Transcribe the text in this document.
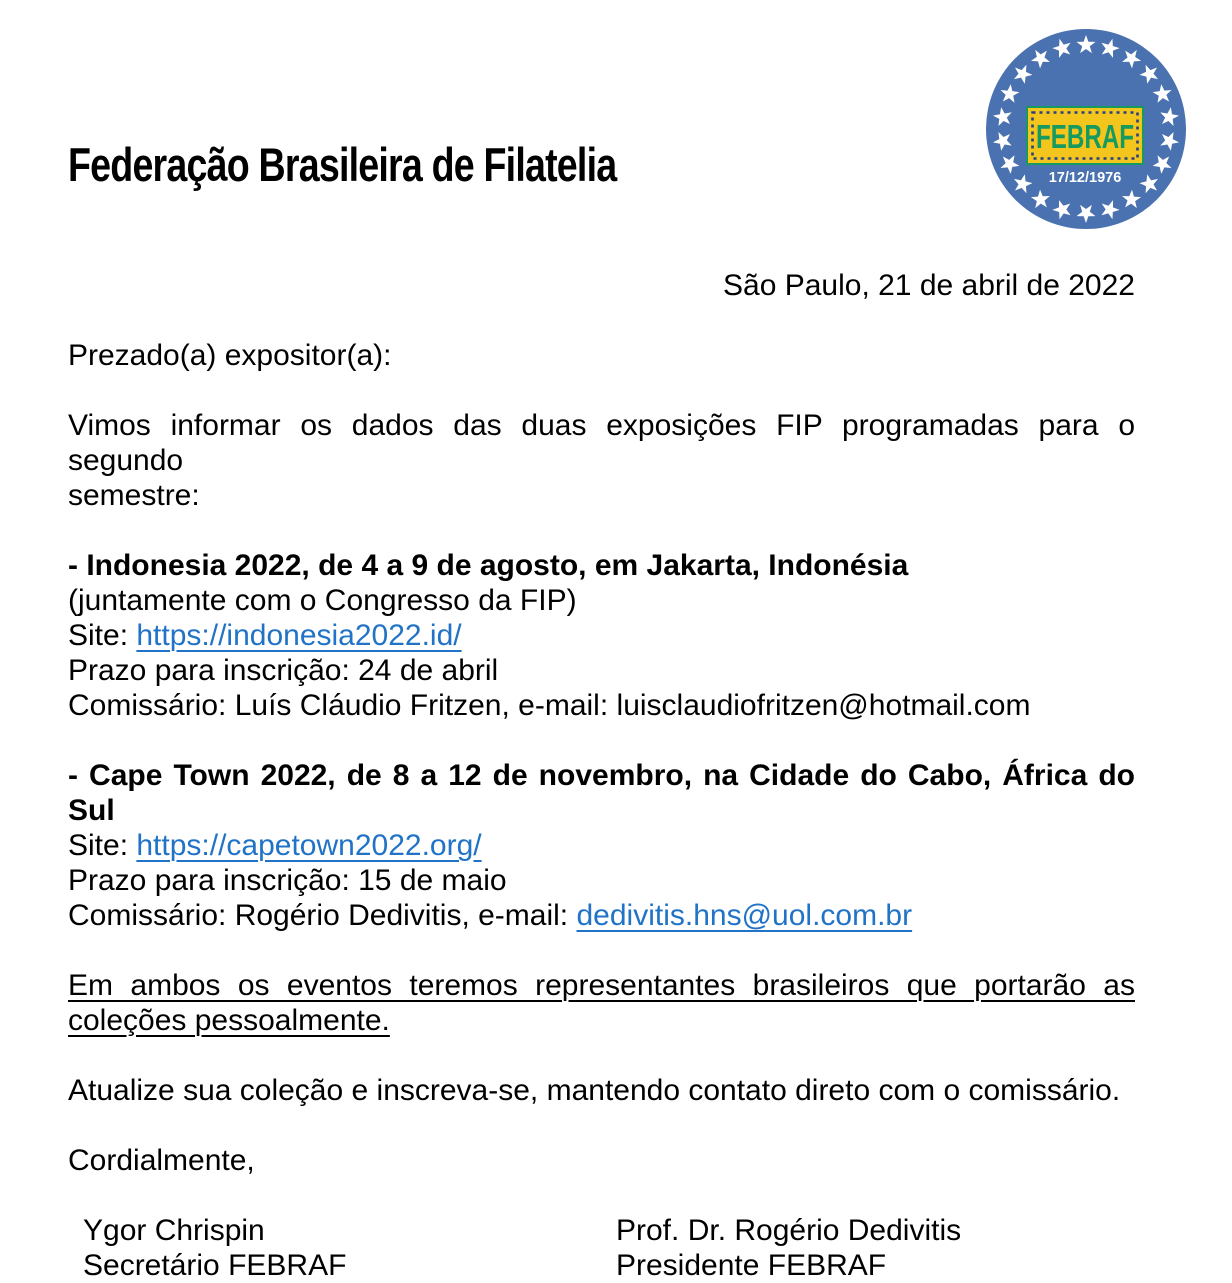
Federação Brasileira de Filatelia
FEBRAF
17/12/1976
São Paulo, 21 de abril de 2022
Prezado(a) expositor(a):
Vimos informar os dados das duas exposições FIP programadas para o segundo
semestre:
- Indonesia 2022, de 4 a 9 de agosto, em Jakarta, Indonésia
(juntamente com o Congresso da FIP)
Site: https://indonesia2022.id/
Prazo para inscrição: 24 de abril
Comissário: Luís Cláudio Fritzen, e-mail: luisclaudiofritzen@hotmail.com
- Cape Town 2022, de 8 a 12 de novembro, na Cidade do Cabo, África do
Sul
Site: https://capetown2022.org/
Prazo para inscrição: 15 de maio
Comissário: Rogério Dedivitis, e-mail: dedivitis.hns@uol.com.br
Em ambos os eventos teremos representantes brasileiros que portarão as
coleções pessoalmente.
Atualize sua coleção e inscreva-se, mantendo contato direto com o comissário.
Cordialmente,
Ygor Chrispin	Prof. Dr. Rogério Dedivitis
Secretário FEBRAF	Presidente FEBRAF
